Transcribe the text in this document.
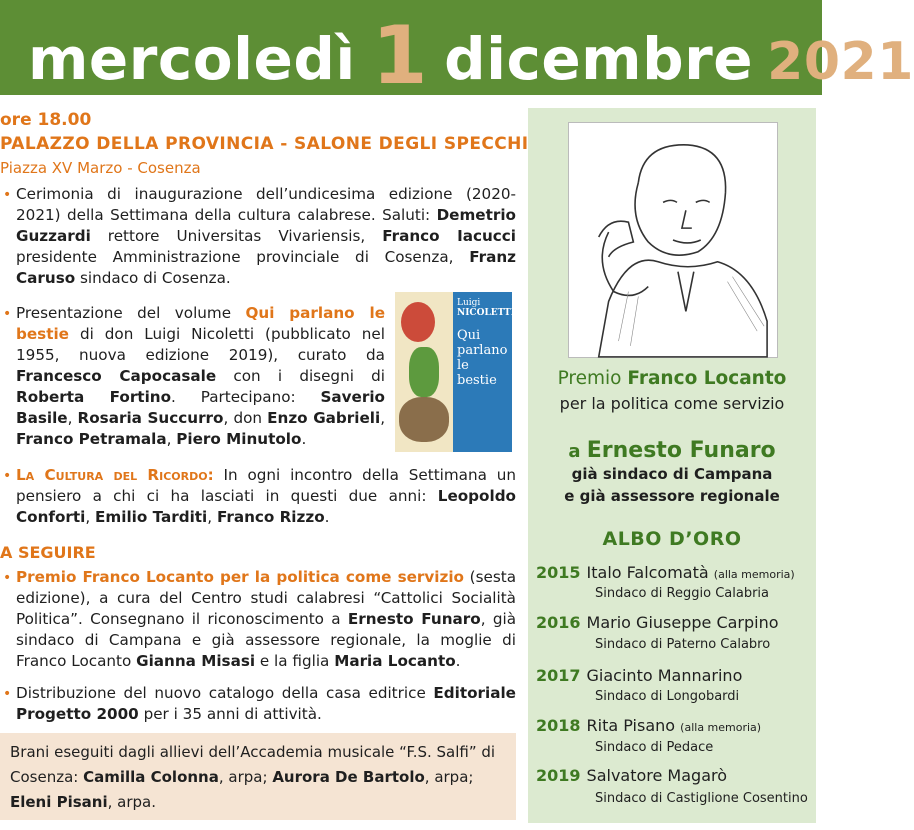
mercoledì 1 dicembre 2021
ore 18.00
PALAZZO DELLA PROVINCIA - SALONE DEGLI SPECCHI
Piazza XV Marzo - Cosenza
• Cerimonia di inaugurazione dell’undicesima edizione (2020-2021) della Settimana della cultura calabrese. Saluti: Demetrio Guzzardi rettore Universitas Vivariensis, Franco Iacucci presidente Amministrazione provinciale di Cosenza, Franz Caruso sindaco di Cosenza.

• Presentazione del volume Qui parlano le bestie di don Luigi Nicoletti (pubblicato nel 1955, nuova edizione 2019), curato da Francesco Capocasale con i disegni di Roberta Fortino. Partecipano: Saverio Basile, Rosaria Succurro, don Enzo Gabrieli, Franco Petramala, Piero Minutolo.

Luigi
NICOLETTI
Qui
parlano
le
bestie
• La Cultura del Ricordo: In ogni incontro della Settimana un pensiero a chi ci ha lasciati in questi due anni: Leopoldo Conforti, Emilio Tarditi, Franco Rizzo.

A SEGUIRE
• Premio Franco Locanto per la politica come servizio (sesta edizione), a cura del Centro studi calabresi “Cattolici Socialità Politica”. Consegnano il riconoscimento a Ernesto Funaro, già sindaco di Campana e già assessore regionale, la moglie di Franco Locanto Gianna Misasi e la figlia Maria Locanto.

• Distribuzione del nuovo catalogo della casa editrice Editoriale Progetto 2000 per i 35 anni di attività.

Brani eseguiti dagli allievi dell’Accademia musicale “F.S. Salfi” di Cosenza: Camilla Colonna, arpa; Aurora De Bartolo, arpa; Eleni Pisani, arpa.
Premio Franco Locanto
per la politica come servizio
a Ernesto Funaro
già sindaco di Campana
e già assessore regionale
ALBO D’ORO
2015 Italo Falcomatà (alla memoria)
Sindaco di Reggio Calabria
2016 Mario Giuseppe Carpino
Sindaco di Paterno Calabro
2017 Giacinto Mannarino
Sindaco di Longobardi
2018 Rita Pisano (alla memoria)
Sindaco di Pedace
2019 Salvatore Magarò
Sindaco di Castiglione Cosentino
